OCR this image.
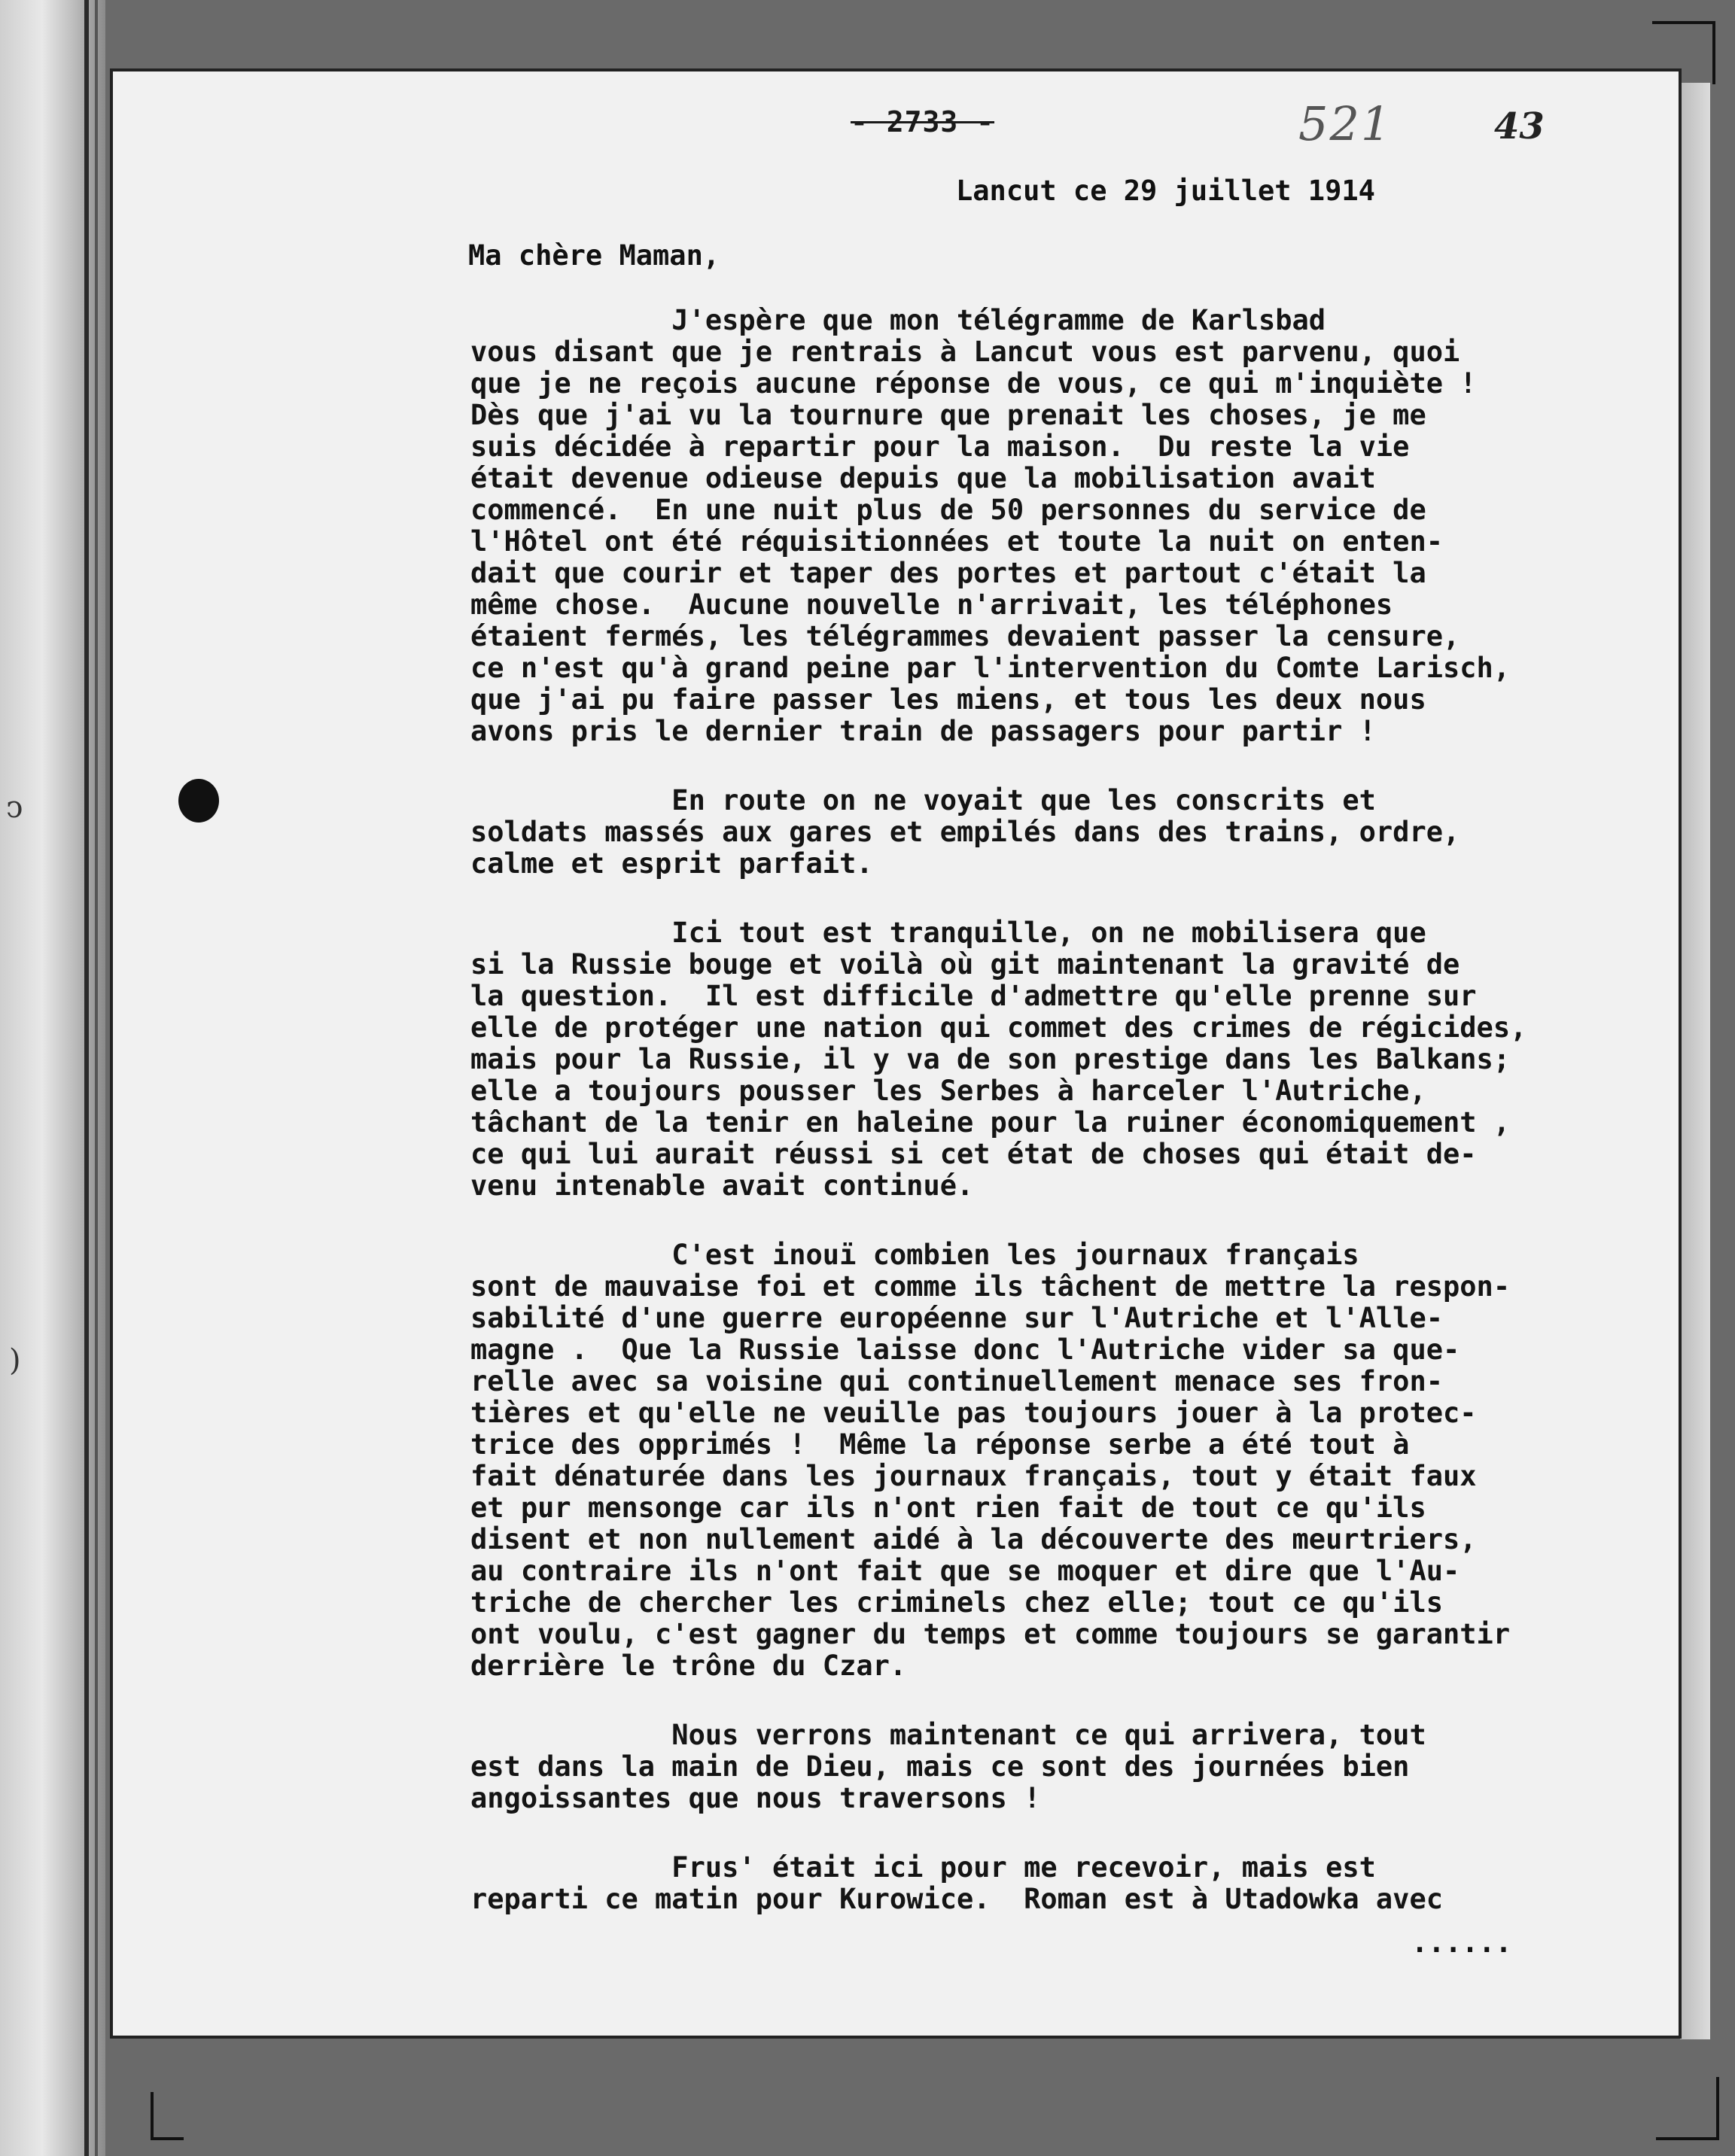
ↄ
)
- 2733 -	521	43
Lancut ce 29 juillet 1914
Ma chère Maman,
J'espère que mon télégramme de Karlsbad
vous disant que je rentrais à Lancut vous est parvenu, quoi
que je ne reçois aucune réponse de vous, ce qui m'inquiète !
Dès que j'ai vu la tournure que prenait les choses, je me
suis décidée à repartir pour la maison.  Du reste la vie
était devenue odieuse depuis que la mobilisation avait
commencé.  En une nuit plus de 50 personnes du service de
l'Hôtel ont été réquisitionnées et toute la nuit on enten-
dait que courir et taper des portes et partout c'était la
même chose.  Aucune nouvelle n'arrivait, les téléphones
étaient fermés, les télégrammes devaient passer la censure,
ce n'est qu'à grand peine par l'intervention du Comte Larisch,
que j'ai pu faire passer les miens, et tous les deux nous
avons pris le dernier train de passagers pour partir !
En route on ne voyait que les conscrits et
soldats massés aux gares et empilés dans des trains, ordre,
calme et esprit parfait.
Ici tout est tranquille, on ne mobilisera que
si la Russie bouge et voilà où git maintenant la gravité de
la question.  Il est difficile d'admettre qu'elle prenne sur
elle de protéger une nation qui commet des crimes de régicides,
mais pour la Russie, il y va de son prestige dans les Balkans;
elle a toujours pousser les Serbes à harceler l'Autriche,
tâchant de la tenir en haleine pour la ruiner économiquement ,
ce qui lui aurait réussi si cet état de choses qui était de-
venu intenable avait continué.
C'est inouï combien les journaux français
sont de mauvaise foi et comme ils tâchent de mettre la respon-
sabilité d'une guerre européenne sur l'Autriche et l'Alle-
magne .  Que la Russie laisse donc l'Autriche vider sa que-
relle avec sa voisine qui continuellement menace ses fron-
tières et qu'elle ne veuille pas toujours jouer à la protec-
trice des opprimés !  Même la réponse serbe a été tout à
fait dénaturée dans les journaux français, tout y était faux
et pur mensonge car ils n'ont rien fait de tout ce qu'ils
disent et non nullement aidé à la découverte des meurtriers,
au contraire ils n'ont fait que se moquer et dire que l'Au-
triche de chercher les criminels chez elle; tout ce qu'ils
ont voulu, c'est gagner du temps et comme toujours se garantir
derrière le trône du Czar.
Nous verrons maintenant ce qui arrivera, tout
est dans la main de Dieu, mais ce sont des journées bien
angoissantes que nous traversons !
Frus' était ici pour me recevoir, mais est
reparti ce matin pour Kurowice.  Roman est à Utadowka avec
......
